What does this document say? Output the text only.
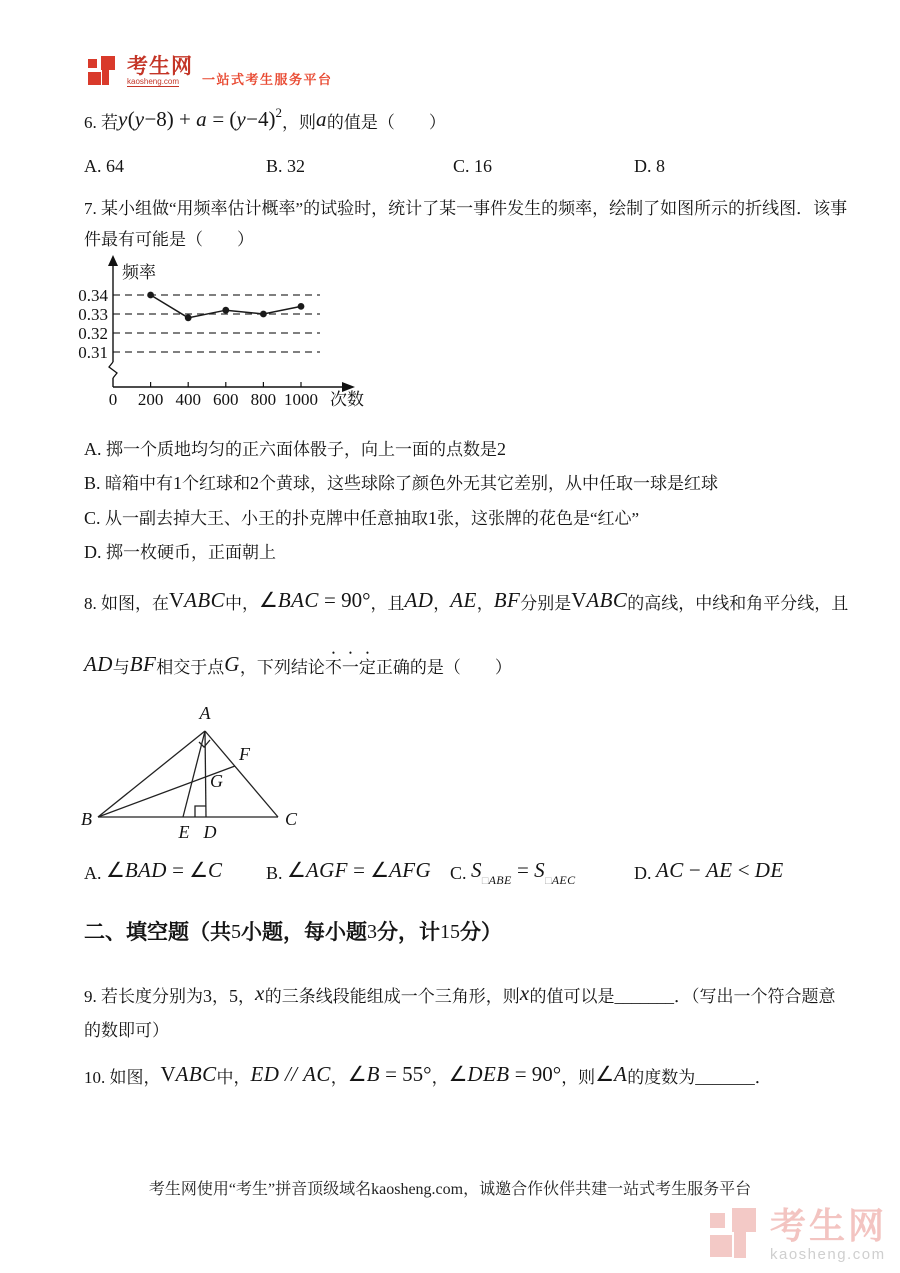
考生网
kaosheng.com 一站式考生服务平台
6. 若$y(y-8) + a = (y-4)^2$，则a的值是（　　）
A. 64	B. 32	C. 16	D. 8
7. 某小组做“用频率估计概率”的试验时，统计了某一事件发生的频率，绘制了如图所示的折线图．该事
件最有可能是（　　）
0.34
0.33
0.32
0.31
0 200 400 600 800 1000
频率
次数
A. 掷一个质地均匀的正六面体骰子，向上一面的点数是2
B. 暗箱中有1个红球和2个黄球，这些球除了颜色外无其它差别，从中任取一球是红球
C. 从一副去掉大王、小王的扑克牌中任意抽取1张，这张牌的花色是“红心”
D. 掷一枚硬币，正面朝上
8. 如图，在VABC中，∠BAC = 90°，且AD，AE，BF分别是VABC的高线，中线和角平分线，且
AD与BF相交于点G，下列结论不一定正确的是（　　）
A
B	C
D
E
F
G
A. ∠BAD = ∠C B. ∠AGF = ∠AFG C. $S_{□ABE} = S_{□AEC}$	D. AC − AE < DE
二、填空题（共5小题，每小题3分，计15分）
9. 若长度分别为3，5，x的三条线段能组成一个三角形，则x的值可以是_______．（写出一个符合题意
的数即可）
10. 如图，VABC中，ED // AC，∠B = 55°，∠DEB = 90°，则∠A的度数为_______．
考生网使用“考生”拼音顶级域名kaosheng.com，诚邀合作伙伴共建一站式考生服务平台
考生网
kaosheng.com
